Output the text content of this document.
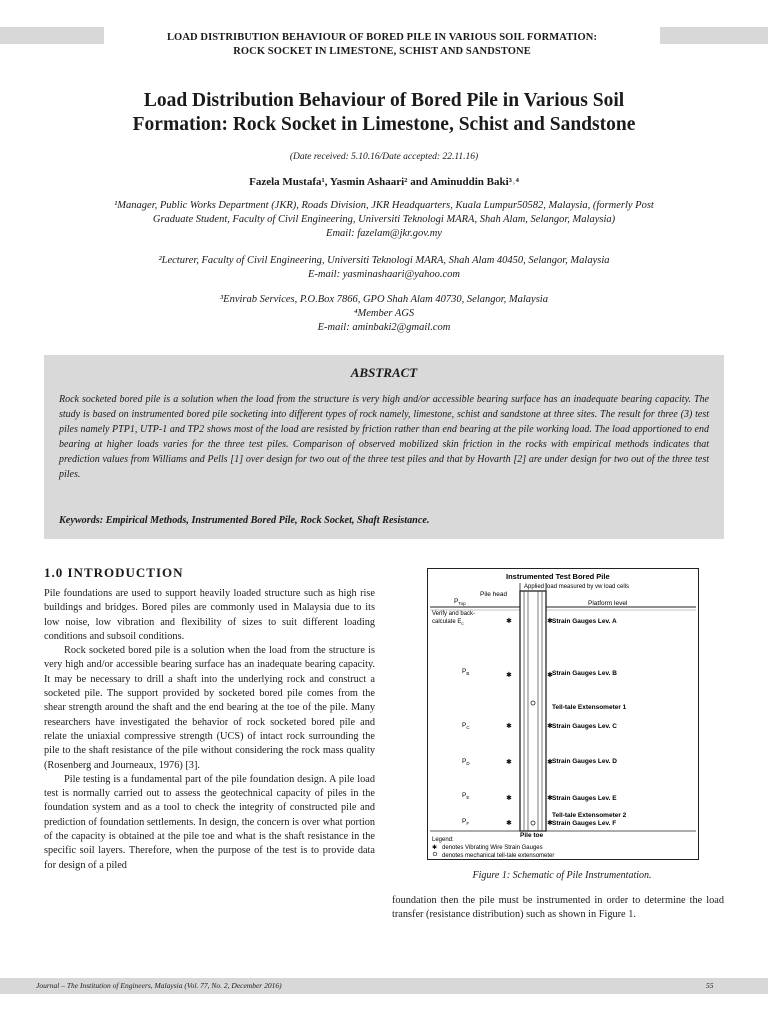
LOAD DISTRIBUTION BEHAVIOUR OF BORED PILE IN VARIOUS SOIL FORMATION:
ROCK SOCKET IN LIMESTONE, SCHIST AND SANDSTONE
Load Distribution Behaviour of Bored Pile in Various Soil
Formation: Rock Socket in Limestone, Schist and Sandstone
(Date received: 5.10.16/Date accepted: 22.11.16)
Fazela Mustafa¹, Yasmin Ashaari² and Aminuddin Baki³˒⁴
¹Manager, Public Works Department (JKR), Roads Division, JKR Headquarters, Kuala Lumpur50582, Malaysia, (formerly Post
Graduate Student, Faculty of Civil Engineering, Universiti Teknologi MARA, Shah Alam, Selangor, Malaysia)
Email: fazelam@jkr.gov.my
²Lecturer, Faculty of Civil Engineering, Universiti Teknologi MARA, Shah Alam 40450, Selangor, Malaysia
E-mail: yasminashaari@yahoo.com
³Envirab Services, P.O.Box 7866, GPO Shah Alam 40730, Selangor, Malaysia
⁴Member AGS
E-mail: aminbaki2@gmail.com
ABSTRACT
Rock socketed bored pile is a solution when the load from the structure is very high and/or accessible bearing surface has an inadequate bearing capacity. The study is based on instrumented bored pile socketing into different types of rock namely, limestone, schist and sandstone at three sites. The result for three (3) test piles namely PTP1, UTP-1 and TP2 shows most of the load are resisted by friction rather than end bearing at the pile working load. The load apportioned to end bearing at higher loads varies for the three test piles. Comparison of observed mobilized skin friction in the rocks with empirical methods indicates that prediction values from Williams and Pells [1] over design for two out of the three test piles and that by Hovarth [2] are under design for two out of the three test piles.
Keywords: Empirical Methods, Instrumented Bored Pile, Rock Socket, Shaft Resistance.
1.0 INTRODUCTION

Pile foundations are used to support heavily loaded structure such as high rise buildings and bridges. Bored piles are commonly used in Malaysia due to its low noise, low vibration and flexibility of sizes to suit different loading conditions and subsoil conditions.

Rock socketed bored pile is a solution when the load from the structure is very high and/or accessible bearing surface has an inadequate bearing capacity. It may be necessary to drill a shaft into the underlying rock and construct a socketed pile. The support provided by socketed bored pile comes from the shear strength around the shaft and the end bearing at the toe of the pile. Many researchers have investigated the behavior of rock socketed bored pile and relate the uniaxial compressive strength (UCS) of intact rock surrounding the pile to the shaft resistance of the pile without considering the rock mass quality (Rosenberg and Journeaux, 1976) [3].

Pile testing is a fundamental part of the pile foundation design. A pile load test is normally carried out to assess the geotechnical capacity of piles in the foundation system and as a tool to check the integrity of constructed pile and prediction of foundation settlements. In design, the concern is over what portion of the capacity is obtained at the pile toe and what is the shaft resistance in the specific soil layers. Therefore, when the purpose of the test is to provide data for design of a piled

Instrumented Test Bored Pile
Applied load measured by vw load cells
Pile head
$P_{Top}$	Platform level
Verify and back-
calculate $E_c$	✱	✱ Strain Gauges Lev. A
$P_B$	✱	✱ Strain Gauges Lev. B
Tell-tale Extensometer 1
$P_C$	✱	✱ Strain Gauges Lev. C
$P_D$	✱	✱ Strain Gauges Lev. D
$P_E$	✱	✱ Strain Gauges Lev. E
Tell-tale Extensometer 2
$P_F$	✱	✱ Strain Gauges Lev. F
Pile toe
Legend:
✱ denotes Vibrating Wire Strain Gauges
denotes mechanical tell-tale extensometer
Figure 1: Schematic of Pile Instrumentation.

foundation then the pile must be instrumented in order to determine the load transfer (resistance distribution) such as shown in Figure 1.

Journal – The Institution of Engineers, Malaysia (Vol. 77, No. 2, December 2016)	55
